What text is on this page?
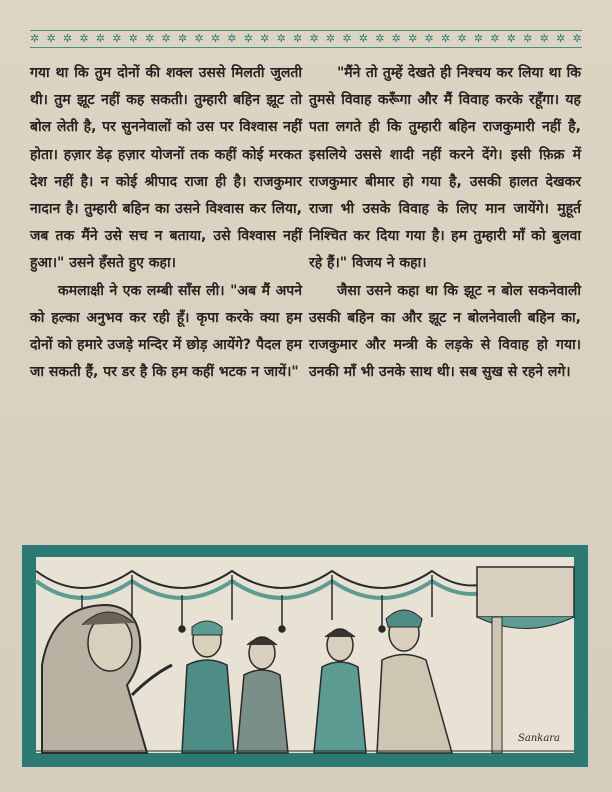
✲ ✲ ✲ ✲ ✲ ✲ ✲ ✲ ✲ ✲ ✲ ✲ ✲ ✲ ✲ ✲ ✲ ✲ ✲ ✲ ✲ ✲ ✲ ✲ ✲ ✲ ✲ ✲ ✲ ✲ ✲ ✲ ✲ ✲

गया था कि तुम दोनों की शक्ल उससे मिलती जुलती थी। तुम झूट नहीं कह सकती। तुम्हारी बहिन झूट तो बोल लेती है, पर सुननेवालों को उस पर विश्वास नहीं होता। हज़ार डेढ़ हज़ार योजनों तक कहीं कोई मरकत देश नहीं है। न कोई श्रीपाद राजा ही है। राजकुमार नादान है। तुम्हारी बहिन का उसने विश्वास कर लिया, जब तक मैंने उसे सच न बताया, उसे विश्वास नहीं हुआ।" उसने हँसते हुए कहा।

कमलाक्षी ने एक लम्बी साँस ली। "अब मैं अपने को हल्का अनुभव कर रही हूँ। कृपा करके क्या हम दोनों को हमारे उजड़े मन्दिर में छोड़ आयेंगे? पैदल हम जा सकती हैं, पर डर है कि हम कहीं भटक न जायें।"

"मैंने तो तुम्हें देखते ही निश्चय कर लिया था कि तुमसे विवाह करूँगा और मैं विवाह करके रहूँगा। यह पता लगते ही कि तुम्हारी बहिन राजकुमारी नहीं है, इसलिये उससे शादी नहीं करने देंगे। इसी फ़िक्र में राजकुमार बीमार हो गया है, उसकी हालत देखकर राजा भी उसके विवाह के लिए मान जायेंगे। मुहूर्त निश्चित कर दिया गया है। हम तुम्हारी माँ को बुलवा रहे हैं।" विजय ने कहा।

जैसा उसने कहा था कि झूट न बोल सकनेवाली उसकी बहिन का और झूट न बोलनेवाली बहिन का, राजकुमार और मन्त्री के लड़के से विवाह हो गया। उनकी माँ भी उनके साथ थी। सब सुख से रहने लगे।

Sankara
